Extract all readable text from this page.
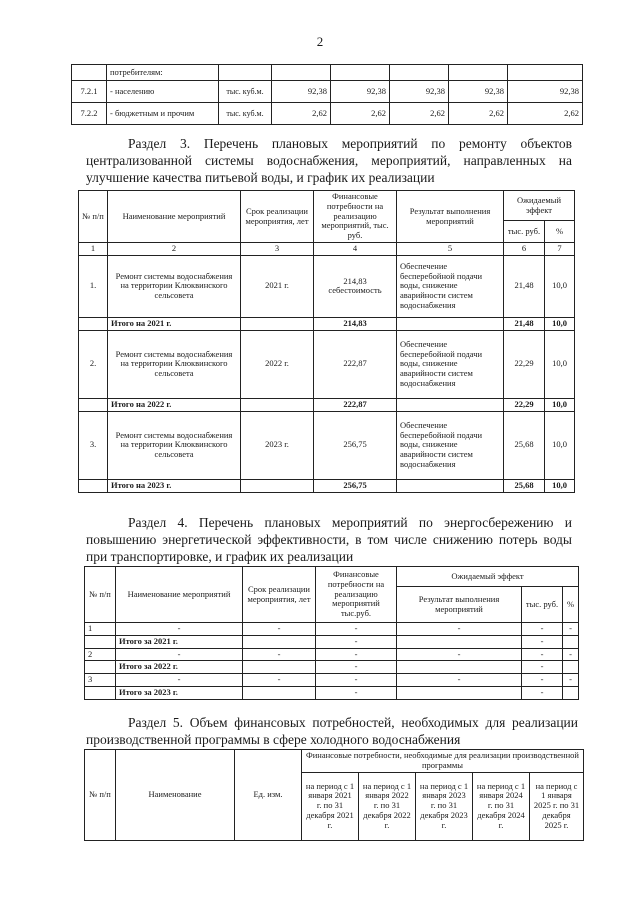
2
	потребителям:						
7.2.1	- населению	тыс. куб.м.	92,38	92,38	92,38	92,38	92,38
7.2.2	- бюджетным и прочим	тыс. куб.м.	2,62	2,62	2,62	2,62	2,62
Раздел 3. Перечень плановых мероприятий по ремонту объектов централизованной системы водоснабжения, мероприятий, направленных на улучшение качества питьевой воды, и график их реализации
№ п/п	Наименование мероприятий	Срок реализации мероприятия, лет	Финансовые потребности на реализацию мероприятий, тыс. руб.	Результат выполнения мероприятий	Ожидаемый эффект	
					тыс. руб.	%
1	2	3	4	5	6	7
1.	Ремонт системы водоснабжения на территории Клюквинского сельсовета	2021 г.	214,83 себестоимость	Обеспечение бесперебойной подачи воды, снижение аварийности систем водоснабжения	21,48	10,0
	Итого на 2021 г.		214,83		21,48	10,0
2.	Ремонт системы водоснабжения на территории Клюквинского сельсовета	2022 г.	222,87	Обеспечение бесперебойной подачи воды, снижение аварийности систем водоснабжения	22,29	10,0
	Итого на 2022 г.		222,87		22,29	10,0
3.	Ремонт системы водоснабжения на территории Клюквинского сельсовета	2023 г.	256,75	Обеспечение бесперебойной подачи воды, снижение аварийности систем водоснабжения	25,68	10,0
	Итого на 2023 г.		256,75		25,68	10,0
Раздел 4. Перечень плановых мероприятий по энергосбережению и повышению энергетической эффективности, в том числе снижению потерь воды при транспортировке, и график их реализации
№ п/п	Наименование мероприятий	Срок реализации мероприятия, лет	Финансовые потребности на реализацию мероприятий тыс.руб.	Ожидаемый эффект		
				Результат выполнения мероприятий	тыс. руб.	%
1	-	-	-	-	-	-
	Итого за 2021 г.		-		-	
2	-	-	-	-	-	-
	Итого за 2022 г.		-		-	
3	-	-	-	-	-	-
	Итого за 2023 г.		-		-	
Раздел 5. Объем финансовых потребностей, необходимых для реализации производственной программы в сфере холодного водоснабжения
№ п/п	Наименование	Ед. изм.	Финансовые потребности, необходимые для реализации производственной программы				
			на период с 1 января 2021 г. по 31 декабря 2021 г.	на период с 1 января 2022 г. по 31 декабря 2022 г.	на период с 1 января 2023 г. по 31 декабря 2023 г.	на период с 1 января 2024 г. по 31 декабря 2024 г.	на период с 1 января 2025 г. по 31 декабря 2025 г.
